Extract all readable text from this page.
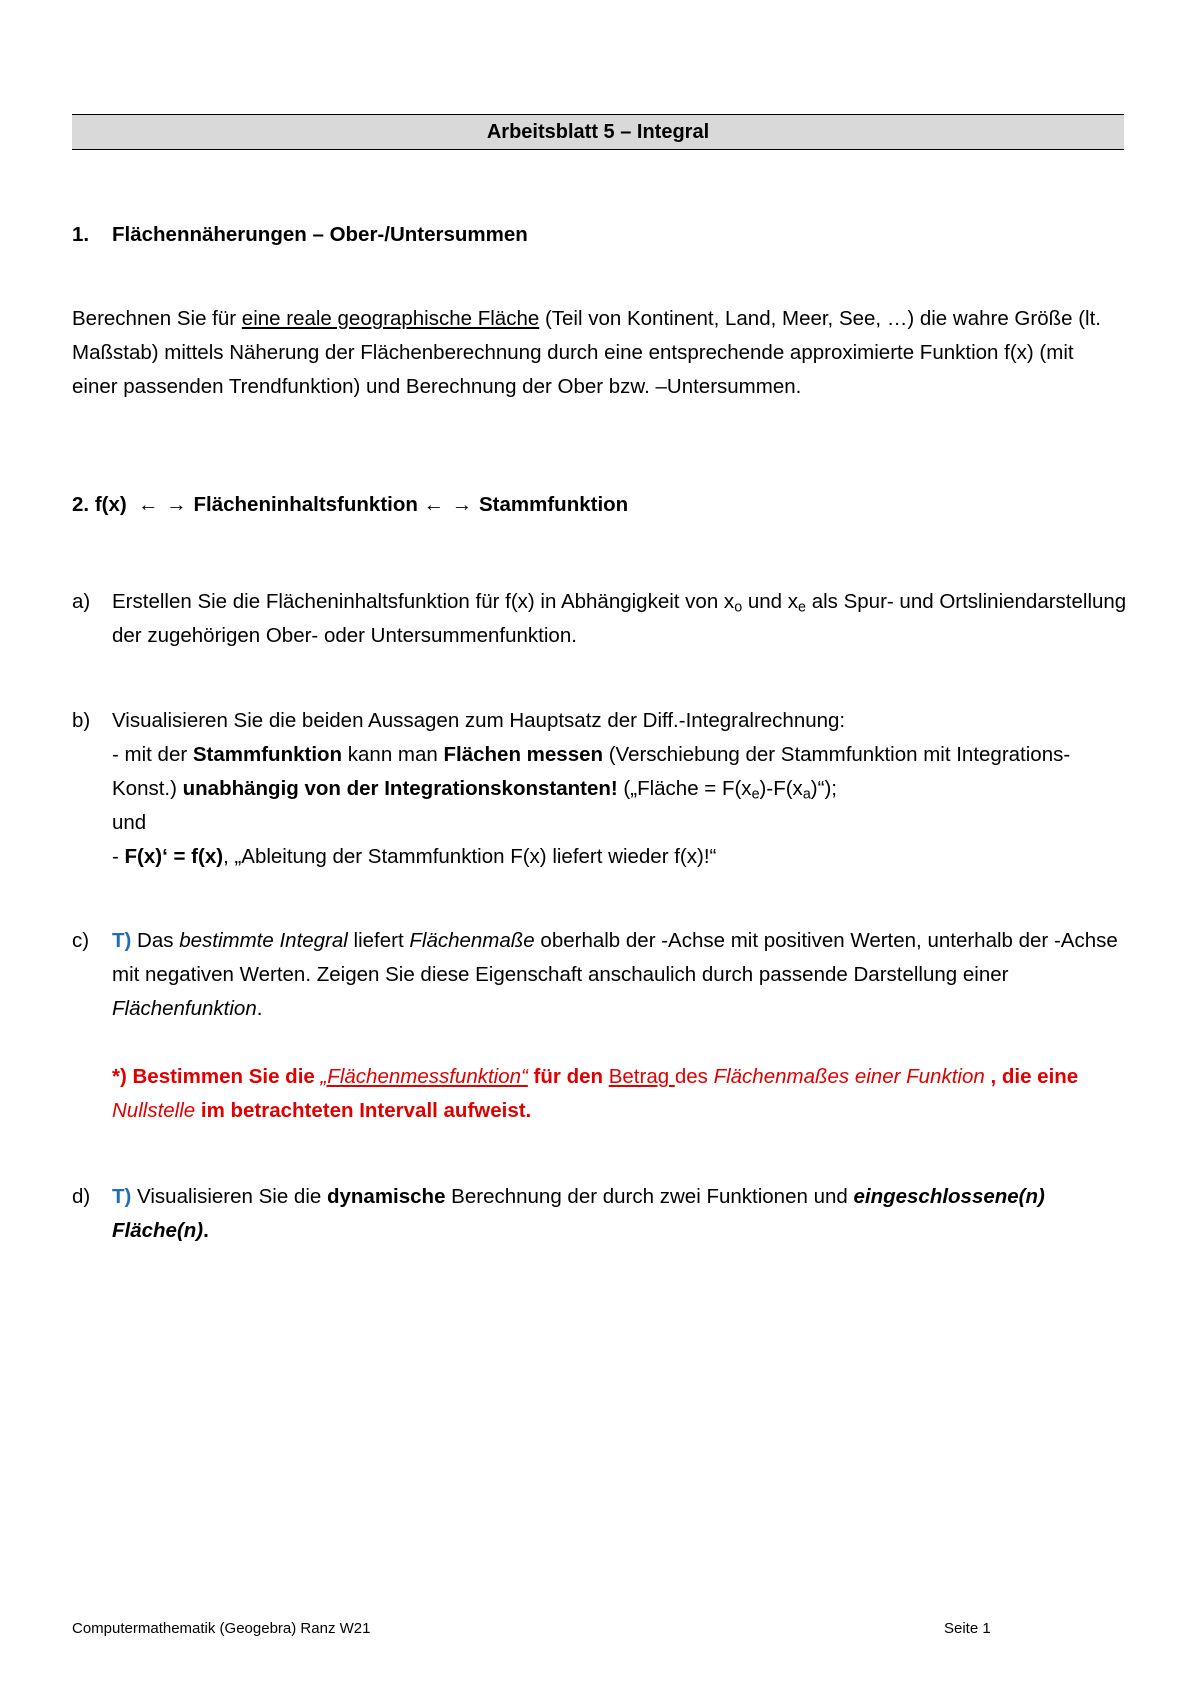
Arbeitsblatt 5 – Integral
1.	Flächennäherungen – Ober-/Untersummen
Berechnen Sie für eine reale geographische Fläche (Teil von Kontinent, Land, Meer, See, …) die wahre Größe (lt. Maßstab) mittels Näherung der Flächenberechnung durch eine entsprechende approximierte Funktion f(x) (mit einer passenden Trendfunktion) und Berechnung der Ober bzw. –Untersummen.
2. f(x) ← → Flächeninhaltsfunktion ← → Stammfunktion
a)	Erstellen Sie die Flächeninhaltsfunktion für f(x) in Abhängigkeit von $x_o$ und $x_e$ als Spur- und Ortsliniendarstellung der zugehörigen Ober- oder Untersummenfunktion.
b)	Visualisieren Sie die beiden Aussagen zum Hauptsatz der Diff.-Integralrechnung:
- mit der Stammfunktion kann man Flächen messen (Verschiebung der Stammfunktion mit Integrations-Konst.) unabhängig von der Integrationskonstanten! („Fläche = $F(x_e)-F(x_a)“$);
und
- F(x)‘ = f(x), „Ableitung der Stammfunktion F(x) liefert wieder f(x)!“
c)	T) Das bestimmte Integral liefert Flächenmaße oberhalb der -Achse mit positiven Werten, unterhalb der -Achse mit negativen Werten. Zeigen Sie diese Eigenschaft anschaulich durch passende Darstellung einer Flächenfunktion.
*) Bestimmen Sie die „Flächenmessfunktion“ für den Betrag des Flächenmaßes einer Funktion , die eine Nullstelle im betrachteten Intervall aufweist.
d)	T) Visualisieren Sie die dynamische Berechnung der durch zwei Funktionen und eingeschlossene(n) Fläche(n).
Computermathematik (Geogebra) Ranz W21	Seite 1
